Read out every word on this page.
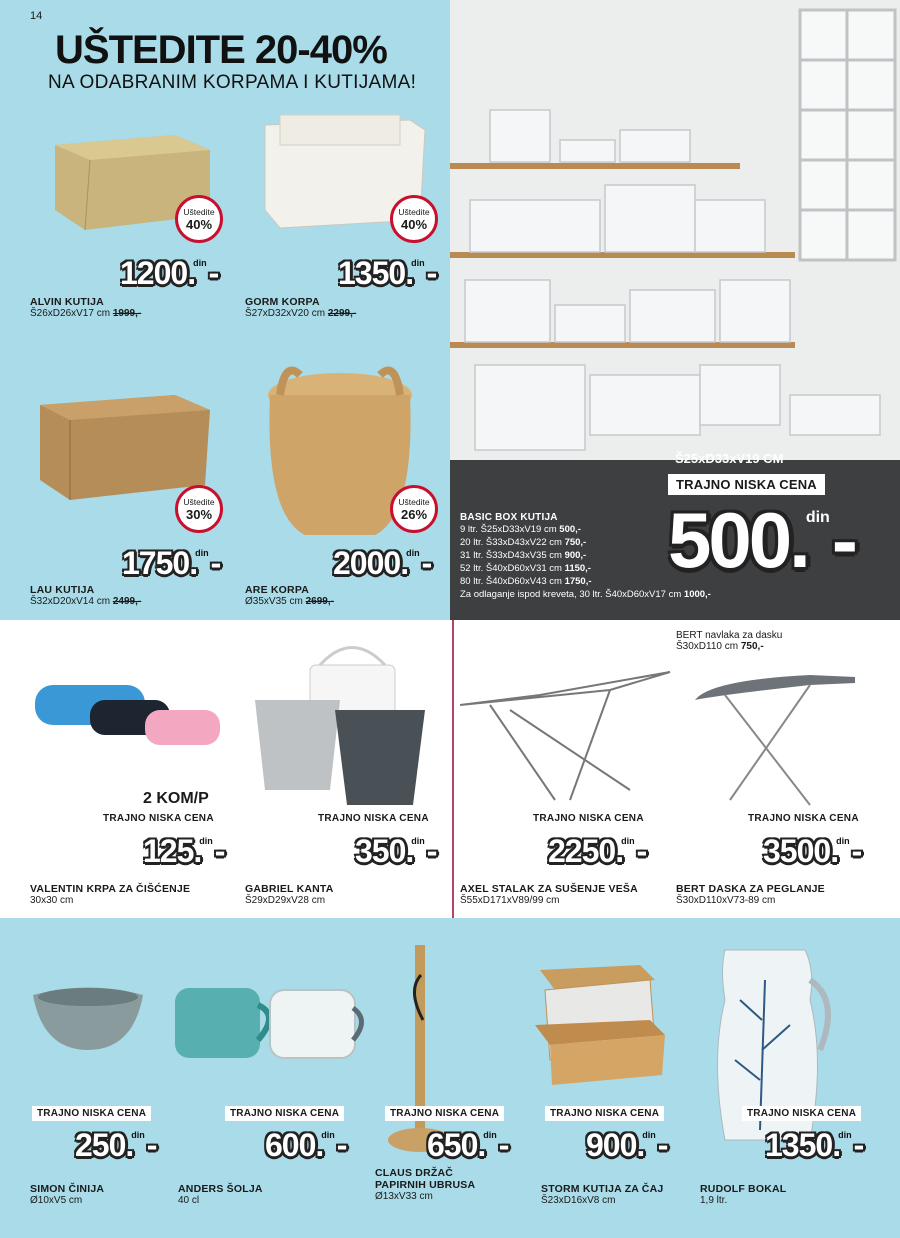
14
UŠTEDITE 20-40%
NA ODABRANIM KORPAMA I KUTIJAMA!
Uštedite
40%
Uštedite
40%
Uštedite
30%
Uštedite
26%
1200.$^{din}$-	1350.$^{din}$-
1750.$^{din}$-	2000.$^{din}$-
ALVIN KUTIJA
Š26xD26xV17 cm 1999,-
GORM KORPA
Š27xD32xV20 cm 2299,-
LAU KUTIJA
Š32xD20xV14 cm 2499,-
ARE KORPA
Ø35xV35 cm 2699,-
Š25xD33xV19 CM
TRAJNO NISKA CENA
500.$^{din}$-
BASIC BOX KUTIJA
9 ltr. Š25xD33xV19 cm 500,-
20 ltr. Š33xD43xV22 cm 750,-
31 ltr. Š33xD43xV35 cm 900,-
52 ltr. Š40xD60xV31 cm 1150,-
80 ltr. Š40xD60xV43 cm 1750,-
Za odlaganje ispod kreveta, 30 ltr. Š40xD60xV17 cm 1000,-
2 KOM/P
TRAJNO NISKA CENA	TRAJNO NISKA CENA	TRAJNO NISKA CENA	TRAJNO NISKA CENA
125.$^{din}$-	350.$^{din}$-	2250.$^{din}$-	3500.$^{din}$-
BERT navlaka za dasku
Š30xD110 cm 750,-
VALENTIN KRPA ZA ČIŠĆENJE
30x30 cm
GABRIEL KANTA
Š29xD29xV28 cm
AXEL STALAK ZA SUŠENJE VEŠA
Š55xD171xV89/99 cm
BERT DASKA ZA PEGLANJE
Š30xD110xV73-89 cm
TRAJNO NISKA CENA	TRAJNO NISKA CENA	TRAJNO NISKA CENA	TRAJNO NISKA CENA	TRAJNO NISKA CENA
250.$^{din}$-	600.$^{din}$-	650.$^{din}$- 900.$^{din}$-	1350.$^{din}$-
SIMON ČINIJA
Ø10xV5 cm
ANDERS ŠOLJA
40 cl
CLAUS DRŽAČ
PAPIRNIH UBRUSA
Ø13xV33 cm
STORM KUTIJA ZA ČAJ
Š23xD16xV8 cm
RUDOLF BOKAL
1,9 ltr.
